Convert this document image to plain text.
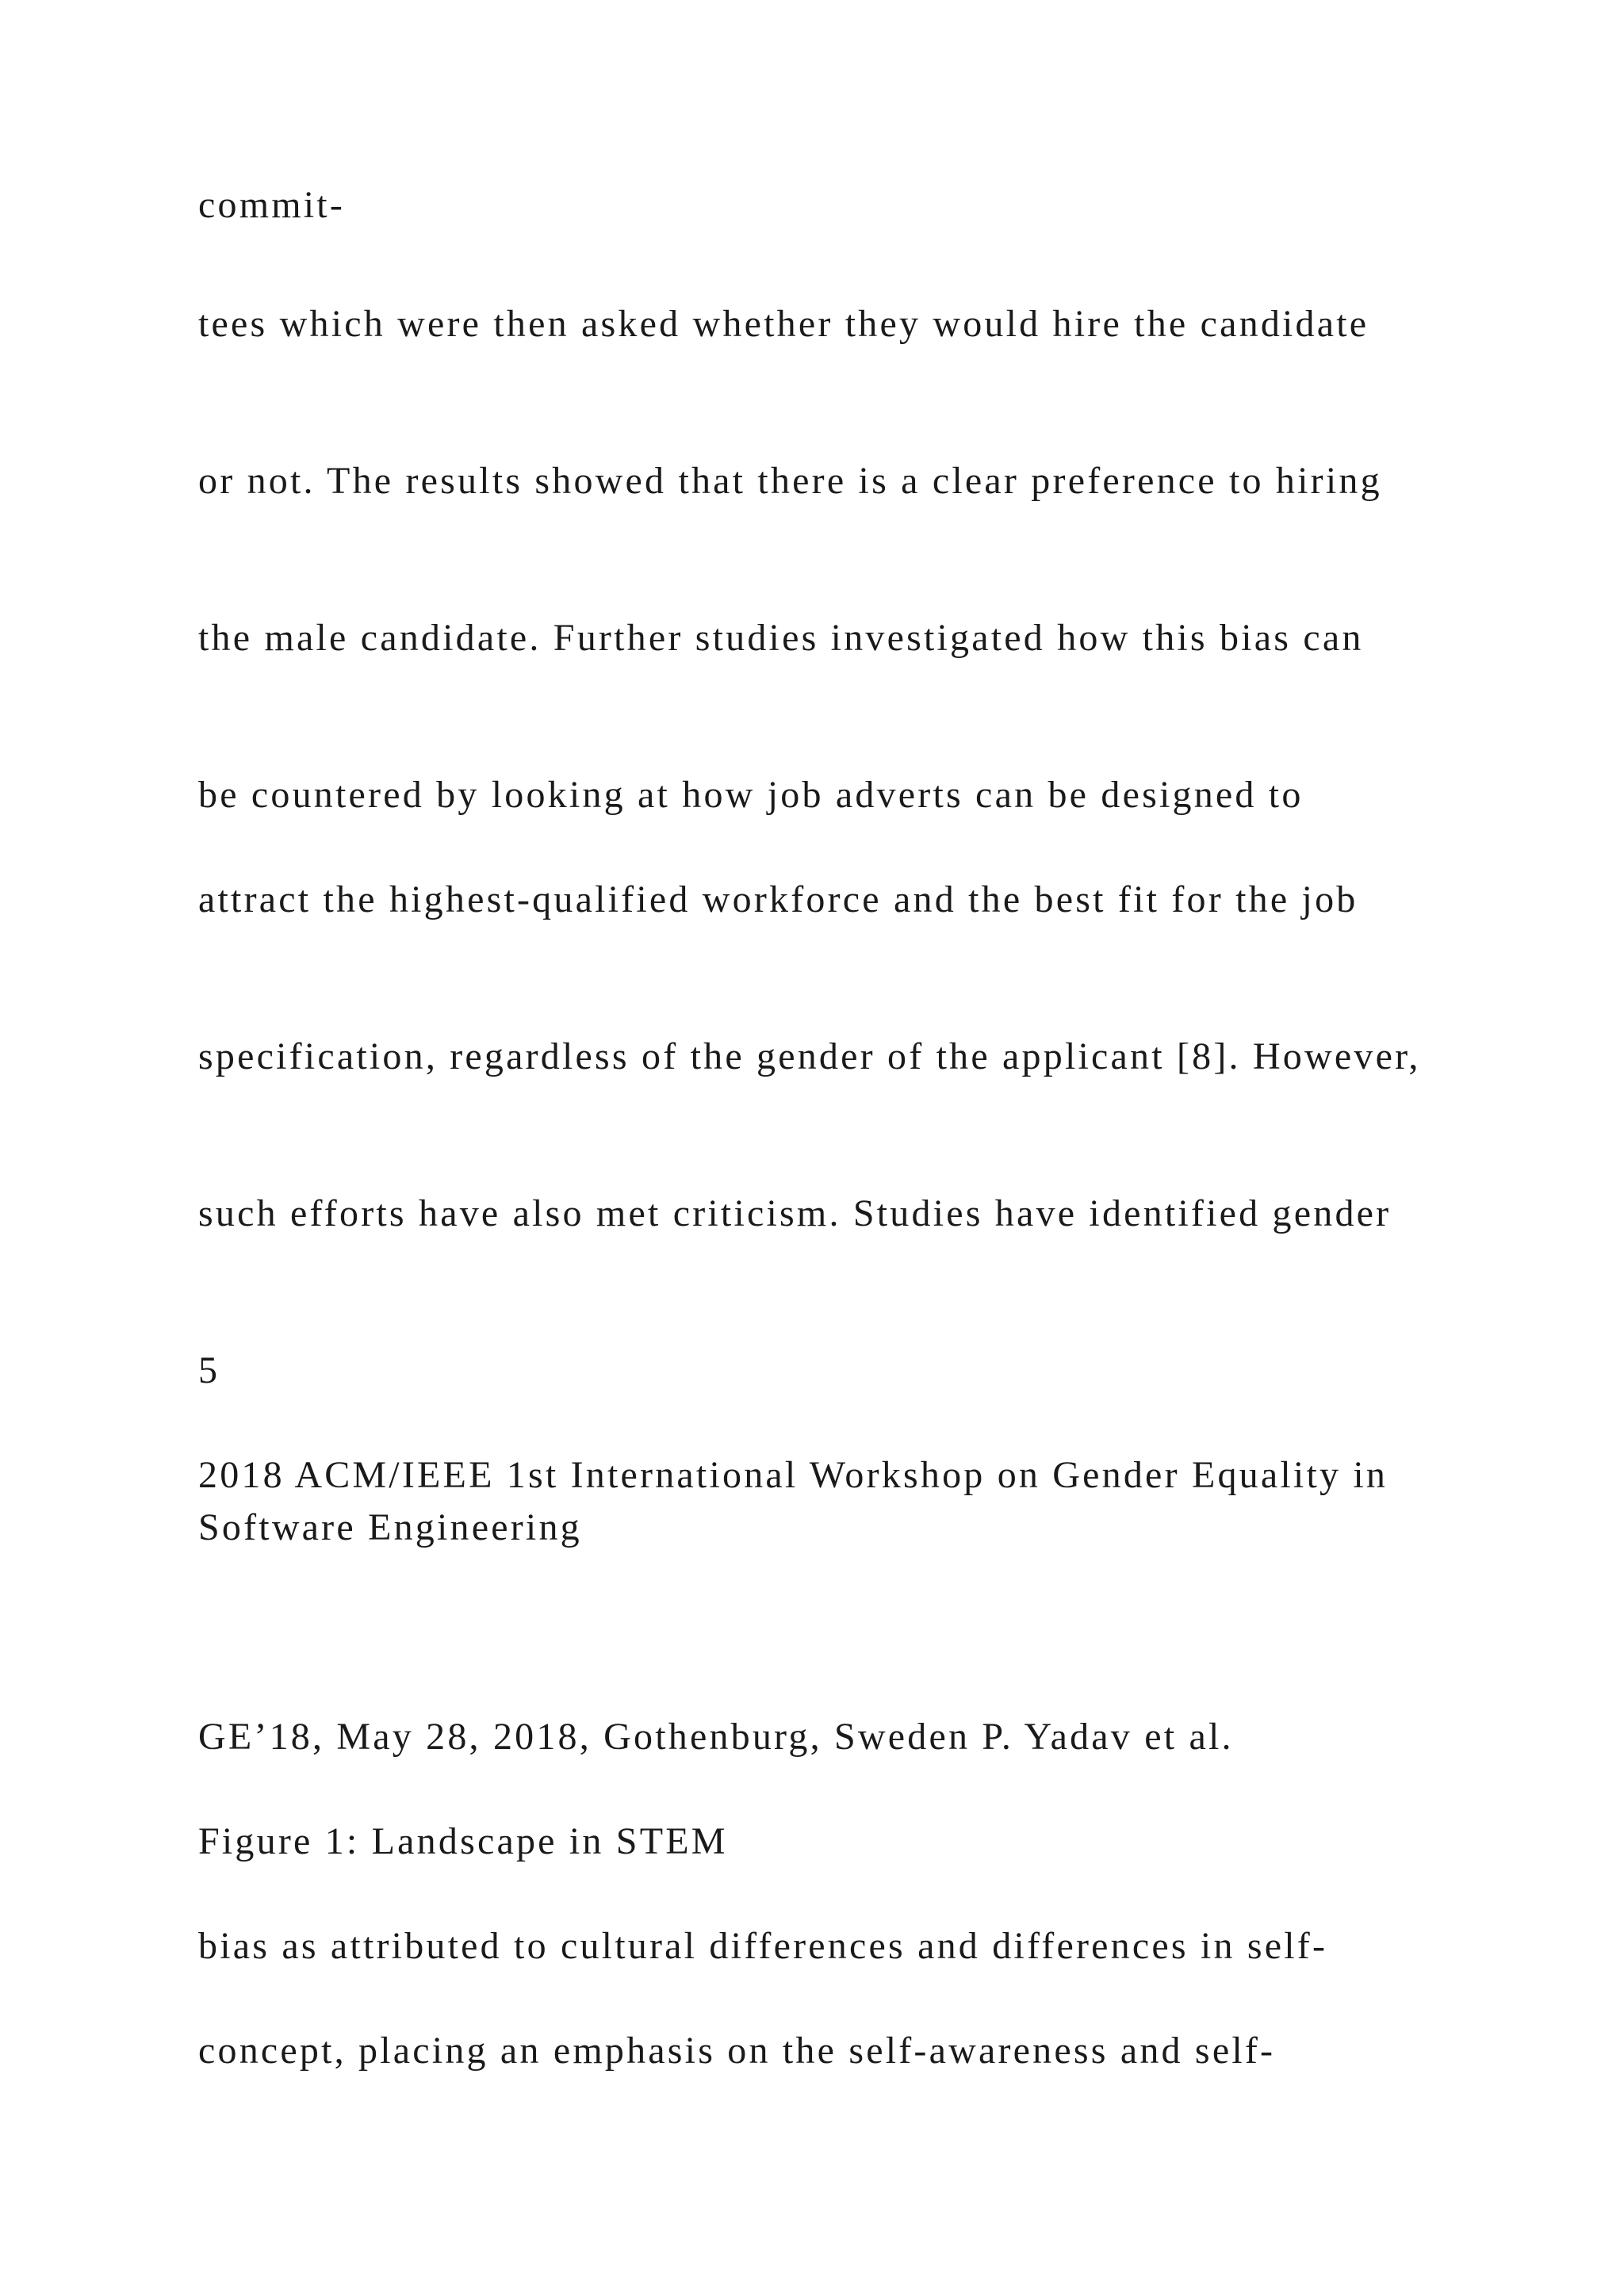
commit-

tees which were then asked whether they would hire the candidate

or not. The results showed that there is a clear preference to hiring

the male candidate. Further studies investigated how this bias can

be countered by looking at how job adverts can be designed to

attract the highest-qualified workforce and the best fit for the job

specification, regardless of the gender of the applicant [8]. However,

such efforts have also met criticism. Studies have identified gender

5

2018 ACM/IEEE 1st International Workshop on Gender Equality in Software Engineering

GE’18, May 28, 2018, Gothenburg, Sweden P. Yadav et al.

Figure 1: Landscape in STEM

bias as attributed to cultural differences and differences in self-

concept, placing an emphasis on the self-awareness and self-
